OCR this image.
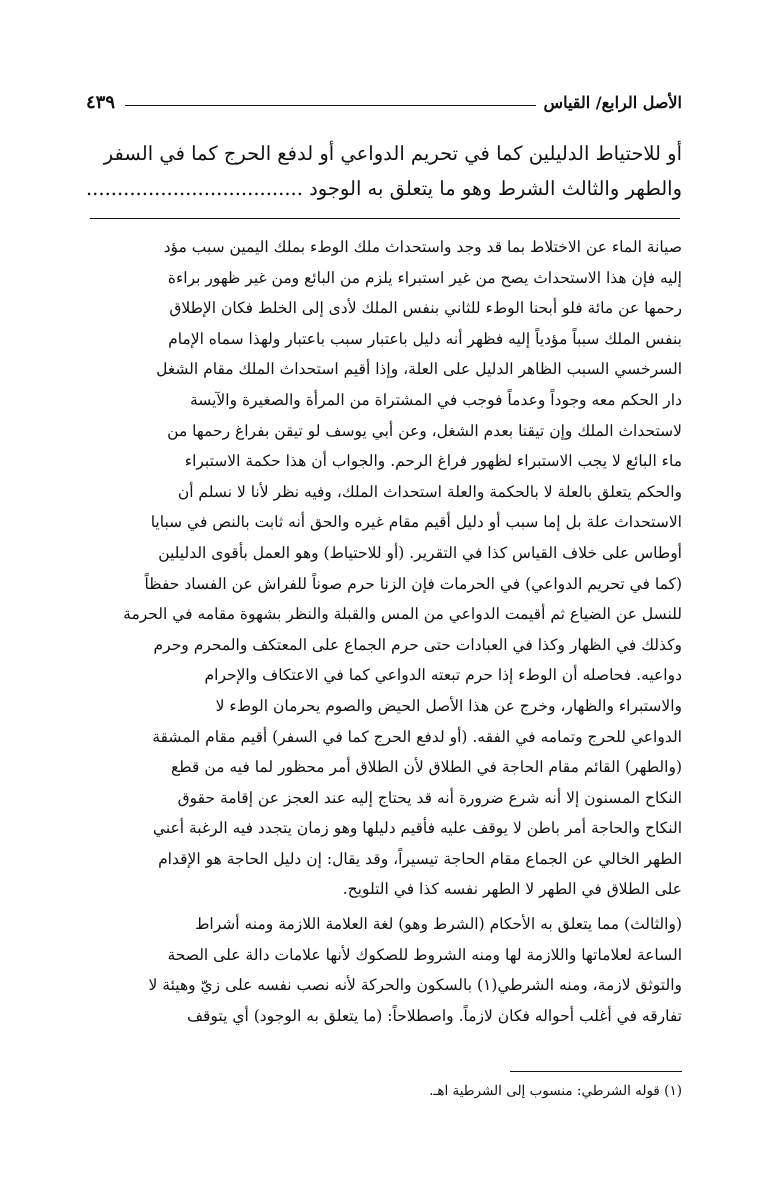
الأصل الرابع/ القياس
٤٣٩
أو للاحتياط الدليلين كما في تحريم الدواعي أو لدفع الحرج كما في السفر
والطهر والثالث الشرط وهو ما يتعلق به الوجود ...................................
صيانة الماء عن الاختلاط بما قد وجد واستحداث ملك الوطء بملك اليمين سبب مؤد
إليه فإن هذا الاستحداث يصح من غير استبراء يلزم من البائع ومن غير ظهور براءة
رحمها عن مائة فلو أبحنا الوطء للثاني بنفس الملك لأدى إلى الخلط فكان الإطلاق
بنفس الملك سبباً مؤدياً إليه فظهر أنه دليل باعتبار سبب باعتبار ولهذا سماه الإمام
السرخسي السبب الظاهر الدليل على العلة، وإذا أقيم استحداث الملك مقام الشغل
دار الحكم معه وجوداً وعدماً فوجب في المشتراة من المرأة والصغيرة والآيسة
لاستحداث الملك وإن تيقنا بعدم الشغل، وعن أبي يوسف لو تيقن بفراغ رحمها من
ماء البائع لا يجب الاستبراء لظهور فراغ الرحم. والجواب أن هذا حكمة الاستبراء
والحكم يتعلق بالعلة لا بالحكمة والعلة استحداث الملك، وفيه نظر لأنا لا نسلم أن
الاستحداث علة بل إما سبب أو دليل أقيم مقام غيره والحق أنه ثابت بالنص في سبايا
أوطاس على خلاف القياس كذا في التقرير. (أو للاحتياط) وهو العمل بأقوى الدليلين
(كما في تحريم الدواعي) في الحرمات فإن الزنا حرم صوناً للفراش عن الفساد حفظاً
للنسل عن الضياع ثم أقيمت الدواعي من المس والقبلة والنظر بشهوة مقامه في الحرمة
وكذلك في الظهار وكذا في العبادات حتى حرم الجماع على المعتكف والمحرم وحرم
دواعيه. فحاصله أن الوطء إذا حرم تبعته الدواعي كما في الاعتكاف والإحرام
والاستبراء والظهار، وخرج عن هذا الأصل الحيض والصوم يحرمان الوطء لا
الدواعي للحرج وتمامه في الفقه. (أو لدفع الحرج كما في السفر) أقيم مقام المشقة
(والطهر) القائم مقام الحاجة في الطلاق لأن الطلاق أمر محظور لما فيه من قطع
النكاح المسنون إلا أنه شرع ضرورة أنه قد يحتاج إليه عند العجز عن إقامة حقوق
النكاح والحاجة أمر باطن لا يوقف عليه فأقيم دليلها وهو زمان يتجدد فيه الرغبة أعني
الطهر الخالي عن الجماع مقام الحاجة تيسيراً، وقد يقال: إن دليل الحاجة هو الإقدام
على الطلاق في الطهر لا الطهر نفسه كذا في التلويح.
(والثالث) مما يتعلق به الأحكام (الشرط وهو) لغة العلامة اللازمة ومنه أشراط
الساعة لعلاماتها واللازمة لها ومنه الشروط للصكوك لأنها علامات دالة على الصحة
والتوثق لازمة، ومنه الشرطي(١) بالسكون والحركة لأنه نصب نفسه على زيّ وهيئة لا
تفارقه في أغلب أحواله فكان لازماً. واصطلاحاً: (ما يتعلق به الوجود) أي يتوقف
(١) قوله الشرطي: منسوب إلى الشرطية اهـ.
